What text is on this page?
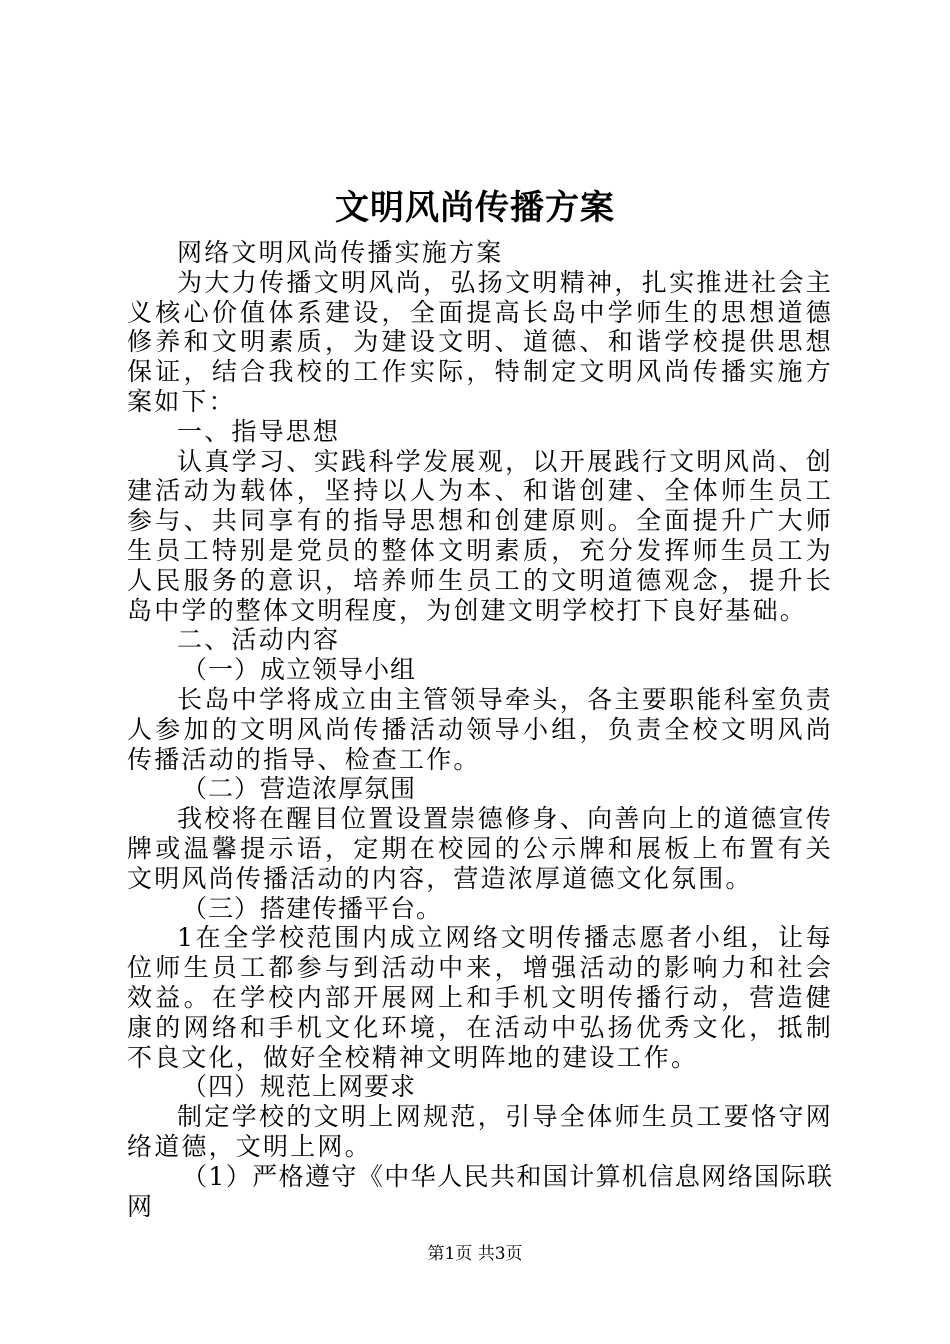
文明风尚传播方案

网络文明风尚传播实施方案

为大力传播文明风尚，弘扬文明精神，扎实推进社会主义核心价值体系建设，全面提高长岛中学师生的思想道德修养和文明素质，为建设文明、道德、和谐学校提供思想保证，结合我校的工作实际，特制定文明风尚传播实施方案如下：

一、指导思想

认真学习、实践科学发展观，以开展践行文明风尚、创建活动为载体，坚持以人为本、和谐创建、全体师生员工参与、共同享有的指导思想和创建原则。全面提升广大师生员工特别是党员的整体文明素质，充分发挥师生员工为人民服务的意识，培养师生员工的文明道德观念，提升长岛中学的整体文明程度，为创建文明学校打下良好基础。

二、活动内容

（一）成立领导小组

长岛中学将成立由主管领导牵头，各主要职能科室负责人参加的文明风尚传播活动领导小组，负责全校文明风尚传播活动的指导、检查工作。

（二）营造浓厚氛围

我校将在醒目位置设置崇德修身、向善向上的道德宣传牌或温馨提示语，定期在校园的公示牌和展板上布置有关文明风尚传播活动的内容，营造浓厚道德文化氛围。

（三）搭建传播平台。

1在全学校范围内成立网络文明传播志愿者小组，让每位师生员工都参与到活动中来，增强活动的影响力和社会效益。在学校内部开展网上和手机文明传播行动，营造健康的网络和手机文化环境，在活动中弘扬优秀文化，抵制不良文化，做好全校精神文明阵地的建设工作。

（四）规范上网要求

制定学校的文明上网规范，引导全体师生员工要恪守网络道德，文明上网。

（1）严格遵守《中华人民共和国计算机信息网络国际联网

第1页 共3页
